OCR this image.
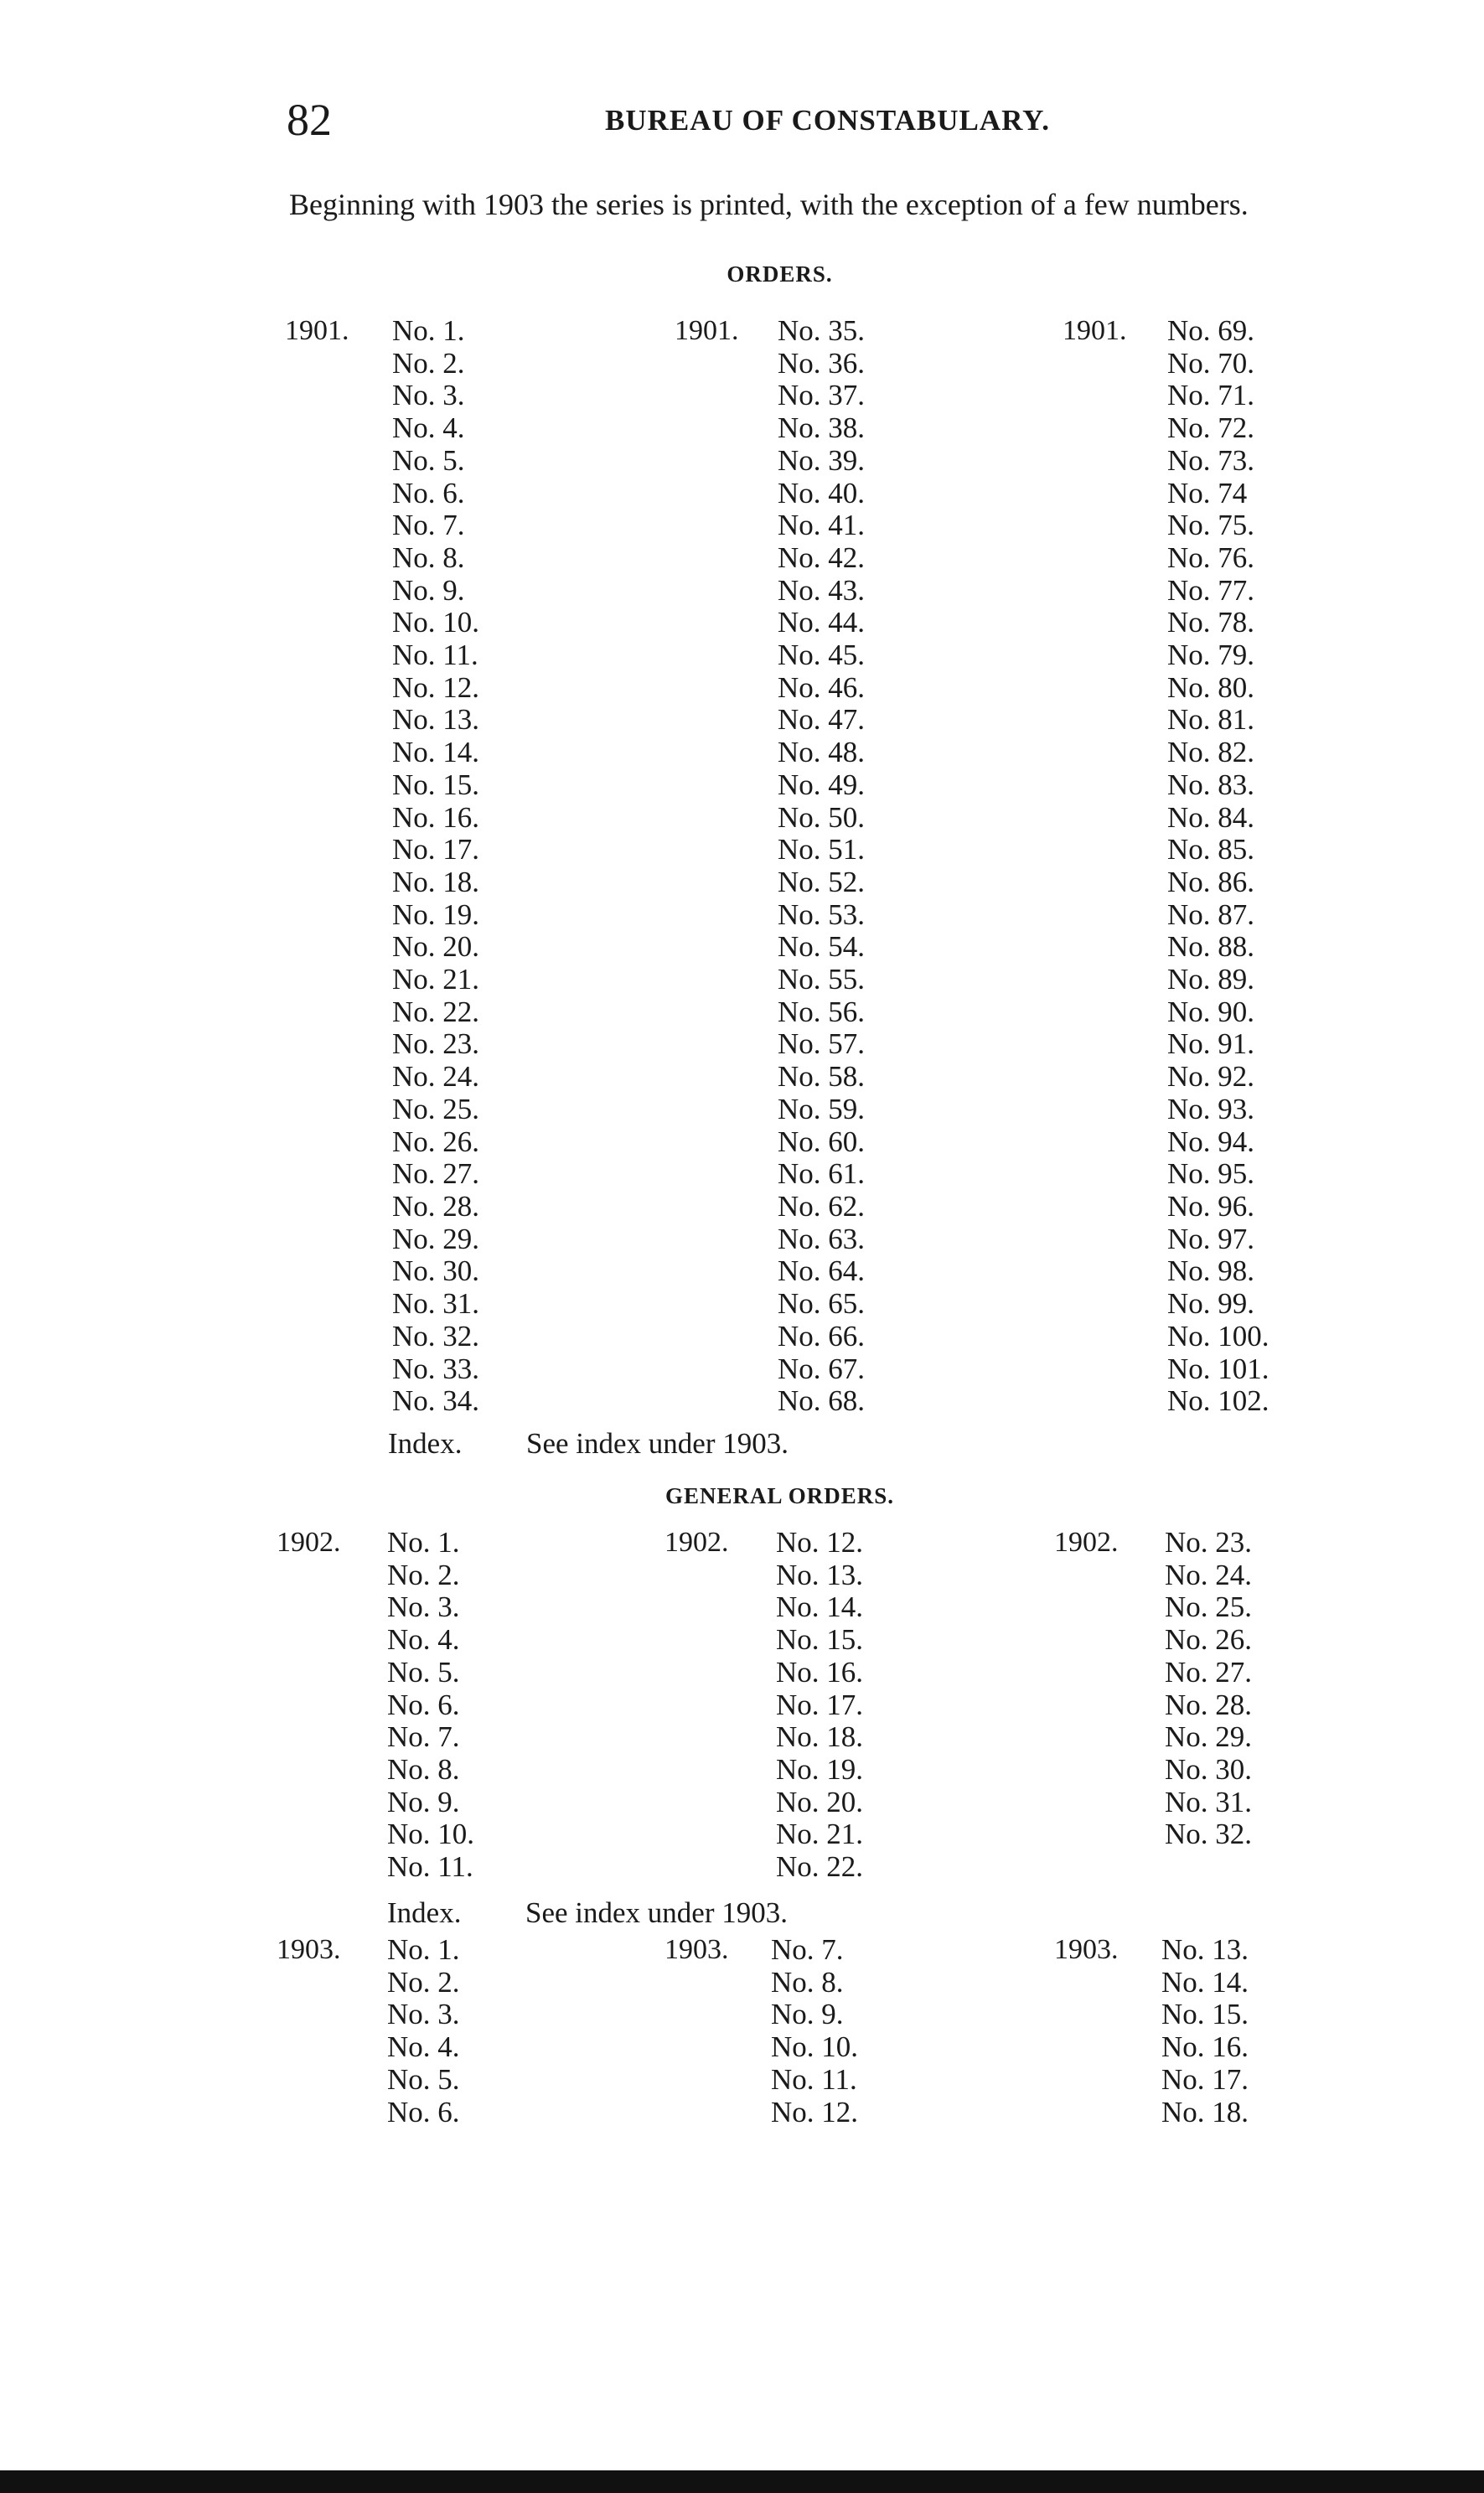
82	BUREAU OF CONSTABULARY.
Beginning with 1903 the series is printed, with the exception of a few numbers.
ORDERS.
1901. No. 1.
No. 2.
No. 3.
No. 4.
No. 5.
No. 6.
No. 7.
No. 8.
No. 9.
No. 10.
No. 11.
No. 12.
No. 13.
No. 14.
No. 15.
No. 16.
No. 17.
No. 18.
No. 19.
No. 20.
No. 21.
No. 22.
No. 23.
No. 24.
No. 25.
No. 26.
No. 27.
No. 28.
No. 29.
No. 30.
No. 31.
No. 32.
No. 33.
No. 34.
1901. No. 35.
No. 36.
No. 37.
No. 38.
No. 39.
No. 40.
No. 41.
No. 42.
No. 43.
No. 44.
No. 45.
No. 46.
No. 47.
No. 48.
No. 49.
No. 50.
No. 51.
No. 52.
No. 53.
No. 54.
No. 55.
No. 56.
No. 57.
No. 58.
No. 59.
No. 60.
No. 61.
No. 62.
No. 63.
No. 64.
No. 65.
No. 66.
No. 67.
No. 68.
1901. No. 69.
No. 70.
No. 71.
No. 72.
No. 73.
No. 74
No. 75.
No. 76.
No. 77.
No. 78.
No. 79.
No. 80.
No. 81.
No. 82.
No. 83.
No. 84.
No. 85.
No. 86.
No. 87.
No. 88.
No. 89.
No. 90.
No. 91.
No. 92.
No. 93.
No. 94.
No. 95.
No. 96.
No. 97.
No. 98.
No. 99.
No. 100.
No. 101.
No. 102.
Index. See index under 1903.
GENERAL ORDERS.
1902. No. 1.
No. 2.
No. 3.
No. 4.
No. 5.
No. 6.
No. 7.
No. 8.
No. 9.
No. 10.
No. 11.
1902. No. 12.
No. 13.
No. 14.
No. 15.
No. 16.
No. 17.
No. 18.
No. 19.
No. 20.
No. 21.
No. 22.
1902. No. 23.
No. 24.
No. 25.
No. 26.
No. 27.
No. 28.
No. 29.
No. 30.
No. 31.
No. 32.
Index. See index under 1903.
1903. No. 1.
No. 2.
No. 3.
No. 4.
No. 5.
No. 6.
1903. No. 7.
No. 8.
No. 9.
No. 10.
No. 11.
No. 12.
1903. No. 13.
No. 14.
No. 15.
No. 16.
No. 17.
No. 18.
